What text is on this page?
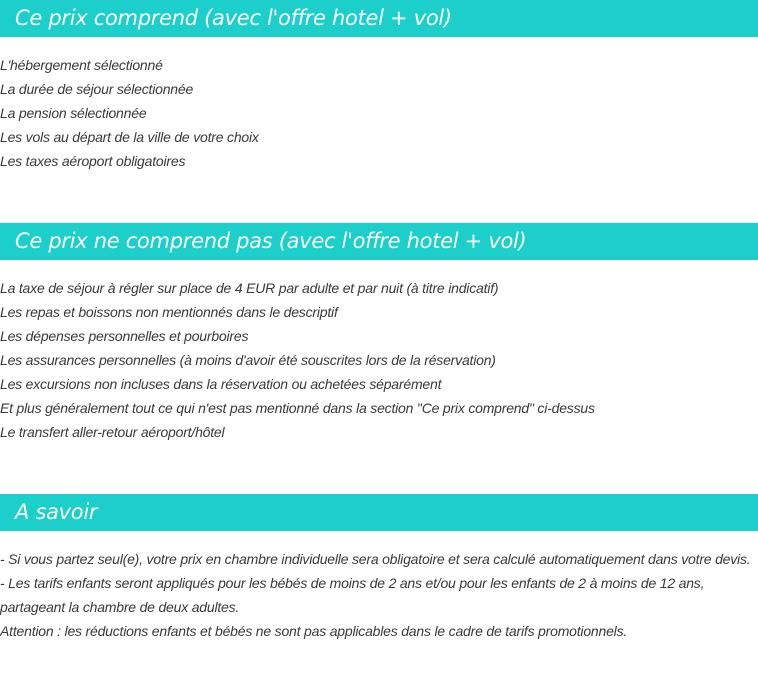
Ce prix comprend (avec l'offre hotel + vol)
L'hébergement sélectionné
La durée de séjour sélectionnée
La pension sélectionnée
Les vols au départ de la ville de votre choix
Les taxes aéroport obligatoires
Ce prix ne comprend pas (avec l'offre hotel + vol)
La taxe de séjour à régler sur place de 4 EUR par adulte et par nuit (à titre indicatif)
Les repas et boissons non mentionnés dans le descriptif
Les dépenses personnelles et pourboires
Les assurances personnelles (à moins d'avoir été souscrites lors de la réservation)
Les excursions non incluses dans la réservation ou achetées séparément
Et plus généralement tout ce qui n'est pas mentionné dans la section "Ce prix comprend" ci-dessus
Le transfert aller-retour aéroport/hôtel
A savoir
- Si vous partez seul(e), votre prix en chambre individuelle sera obligatoire et sera calculé automatiquement dans votre devis.
- Les tarifs enfants seront appliqués pour les bébés de moins de 2 ans et/ou pour les enfants de 2 à moins de 12 ans, partageant la chambre de deux adultes.
Attention : les réductions enfants et bébés ne sont pas applicables dans le cadre de tarifs promotionnels.
